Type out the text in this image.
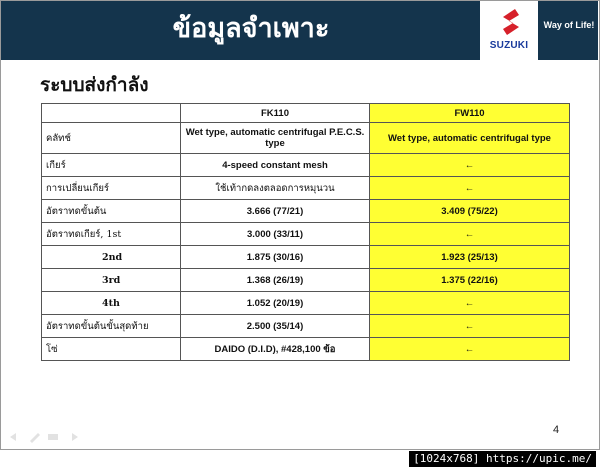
ข้อมูลจำเพาะ
SUZUKI
Way of Life!
ระบบส่งกำลัง
	FK110	FW110
คลัทช์	Wet type, automatic centrifugal P.E.C.S. type	Wet type, automatic centrifugal type
เกียร์	4-speed constant mesh	←
การเปลี่ยนเกียร์	ใช้เท้ากดลงตลอดการหมุนวน	←
อัตราทดขั้นต้น	3.666 (77/21)	3.409 (75/22)
อัตราทดเกียร์, 1st	3.000 (33/11)	←
2nd	1.875 (30/16)	1.923 (25/13)
3rd	1.368 (26/19)	1.375 (22/16)
4th	1.052 (20/19)	←
อัตราทดขั้นต้นขั้นสุดท้าย	2.500 (35/14)	←
โซ่	DAIDO (D.I.D), #428,100 ข้อ	←
4
[1024x768] https://upic.me/
